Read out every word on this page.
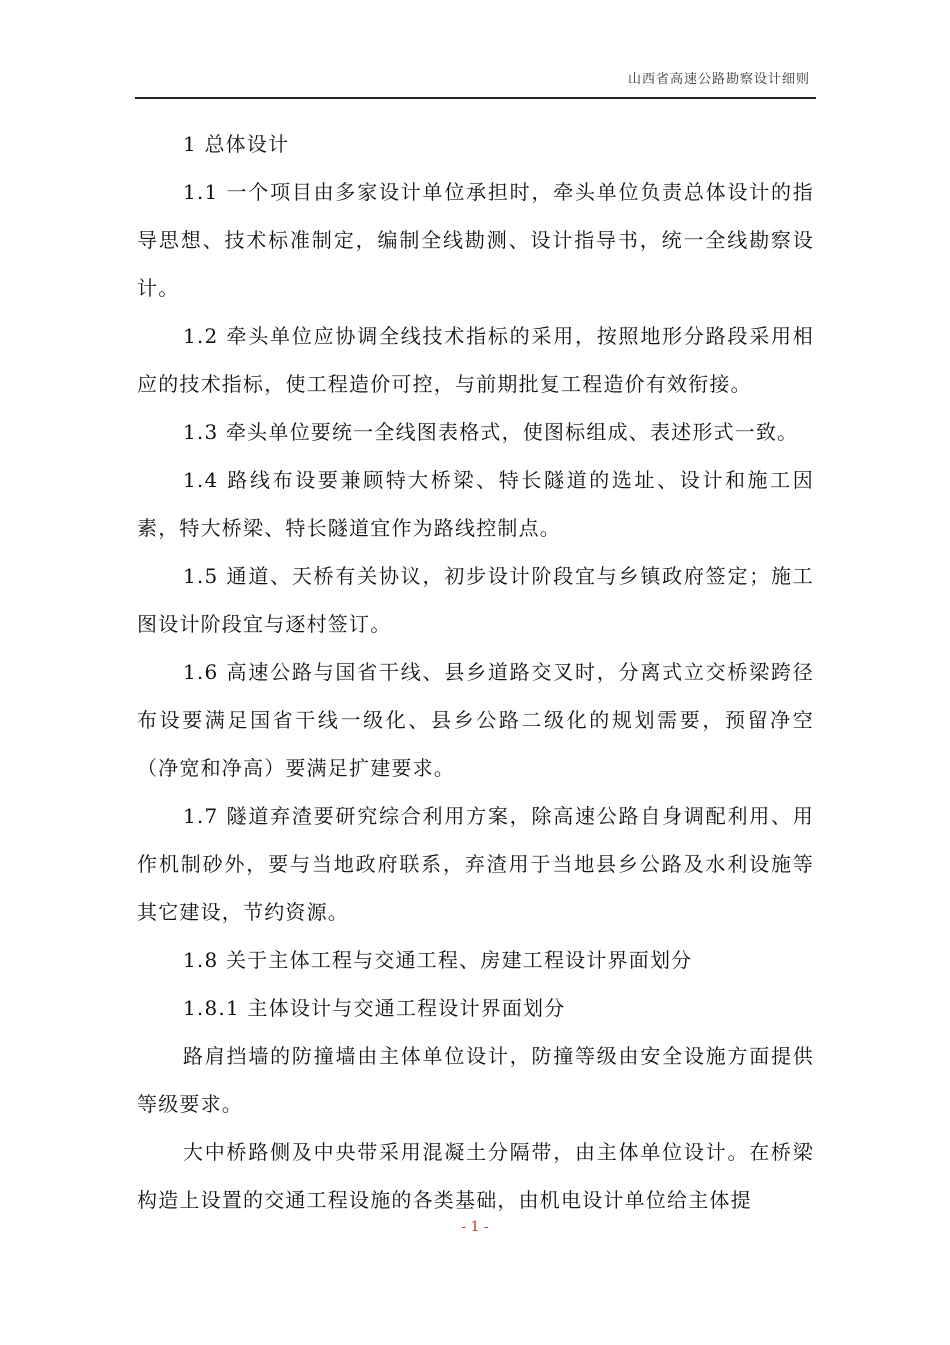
山西省高速公路勘察设计细则

1 总体设计

1.1 一个项目由多家设计单位承担时，牵头单位负责总体设计的指导思想、技术标准制定，编制全线勘测、设计指导书，统一全线勘察设计。

1.2 牵头单位应协调全线技术指标的采用，按照地形分路段采用相应的技术指标，使工程造价可控，与前期批复工程造价有效衔接。

1.3 牵头单位要统一全线图表格式，使图标组成、表述形式一致。

1.4 路线布设要兼顾特大桥梁、特长隧道的选址、设计和施工因素，特大桥梁、特长隧道宜作为路线控制点。

1.5 通道、天桥有关协议，初步设计阶段宜与乡镇政府签定；施工图设计阶段宜与逐村签订。

1.6 高速公路与国省干线、县乡道路交叉时，分离式立交桥梁跨径布设要满足国省干线一级化、县乡公路二级化的规划需要，预留净空（净宽和净高）要满足扩建要求。

1.7 隧道弃渣要研究综合利用方案，除高速公路自身调配利用、用作机制砂外，要与当地政府联系，弃渣用于当地县乡公路及水利设施等其它建设，节约资源。

1.8 关于主体工程与交通工程、房建工程设计界面划分

1.8.1 主体设计与交通工程设计界面划分

路肩挡墙的防撞墙由主体单位设计，防撞等级由安全设施方面提供等级要求。

大中桥路侧及中央带采用混凝土分隔带，由主体单位设计。在桥梁构造上设置的交通工程设施的各类基础，由机电设计单位给主体提

- 1 -
